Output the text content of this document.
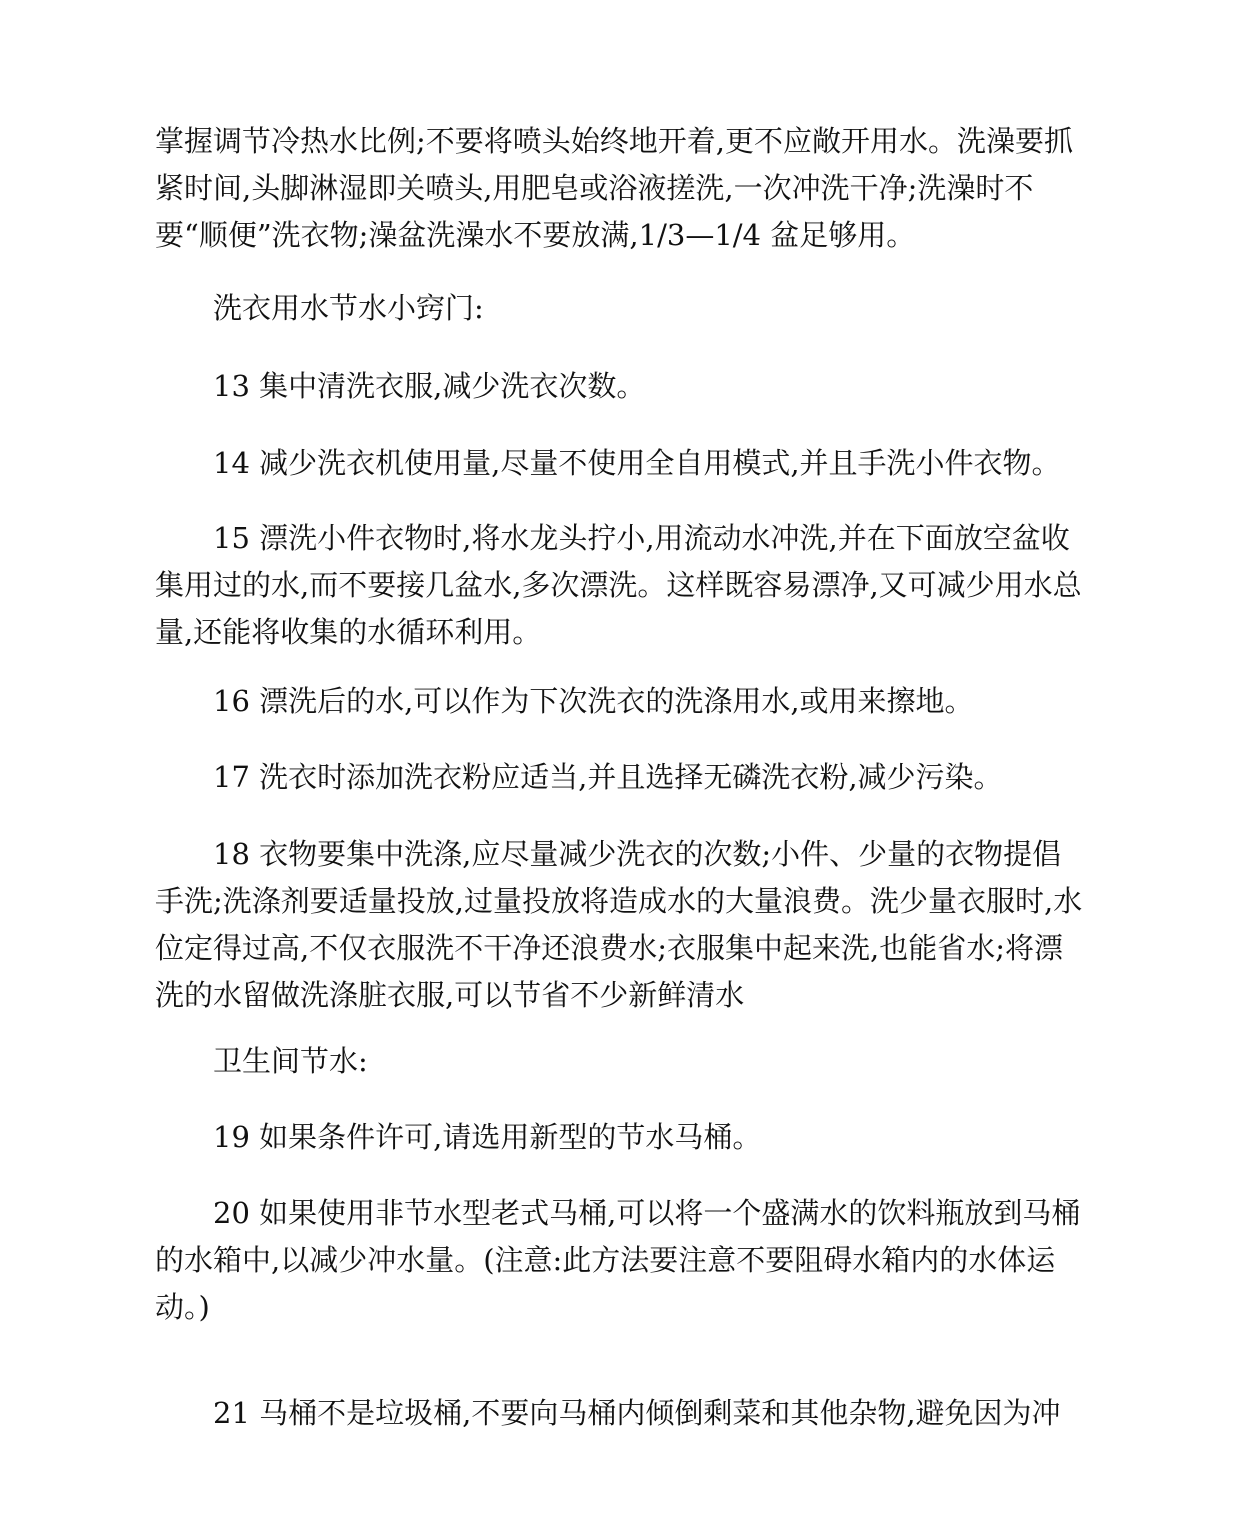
掌握调节冷热水比例;不要将喷头始终地开着,更不应敞开用水。洗澡要抓紧时间,头脚淋湿即关喷头,用肥皂或浴液搓洗,一次冲洗干净;洗澡时不要“顺便”洗衣物;澡盆洗澡水不要放满,1/3—1/4 盆足够用。

洗衣用水节水小窍门:

13 集中清洗衣服,减少洗衣次数。

14 减少洗衣机使用量,尽量不使用全自用模式,并且手洗小件衣物。

15 漂洗小件衣物时,将水龙头拧小,用流动水冲洗,并在下面放空盆收集用过的水,而不要接几盆水,多次漂洗。这样既容易漂净,又可减少用水总量,还能将收集的水循环利用。

16 漂洗后的水,可以作为下次洗衣的洗涤用水,或用来擦地。

17 洗衣时添加洗衣粉应适当,并且选择无磷洗衣粉,减少污染。

18 衣物要集中洗涤,应尽量减少洗衣的次数;小件、少量的衣物提倡手洗;洗涤剂要适量投放,过量投放将造成水的大量浪费。洗少量衣服时,水位定得过高,不仅衣服洗不干净还浪费水;衣服集中起来洗,也能省水;将漂洗的水留做洗涤脏衣服,可以节省不少新鲜清水

卫生间节水:

19 如果条件许可,请选用新型的节水马桶。

20 如果使用非节水型老式马桶,可以将一个盛满水的饮料瓶放到马桶的水箱中,以减少冲水量。(注意:此方法要注意不要阻碍水箱内的水体运动。)

21 马桶不是垃圾桶,不要向马桶内倾倒剩菜和其他杂物,避免因为冲
